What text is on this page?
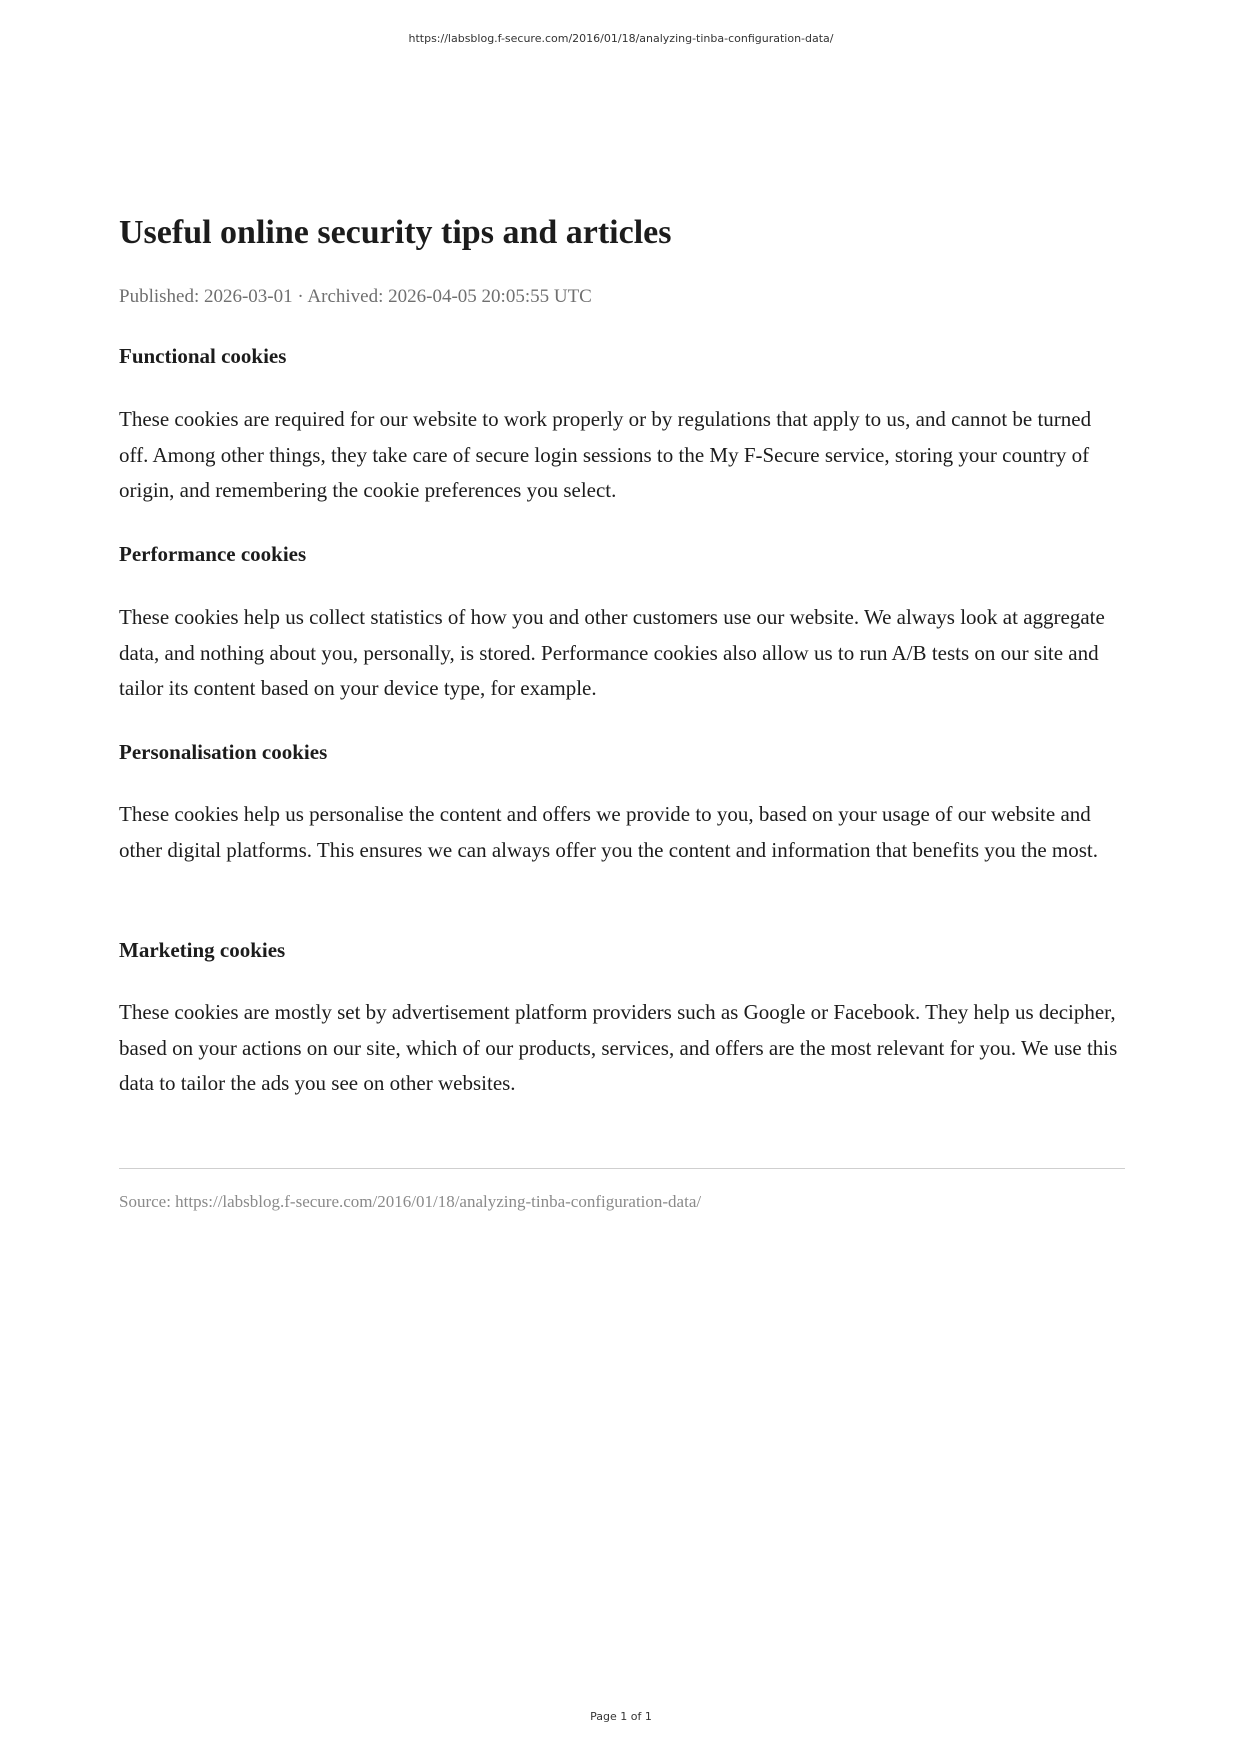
https://labsblog.f-secure.com/2016/01/18/analyzing-tinba-configuration-data/
Useful online security tips and articles
Published: 2026-03-01 · Archived: 2026-04-05 20:05:55 UTC
Functional cookies

These cookies are required for our website to work properly or by regulations that apply to us, and cannot be turned off. Among other things, they take care of secure login sessions to the My F-Secure service, storing your country of origin, and remembering the cookie preferences you select.

Performance cookies

These cookies help us collect statistics of how you and other customers use our website. We always look at aggregate data, and nothing about you, personally, is stored. Performance cookies also allow us to run A/B tests on our site and tailor its content based on your device type, for example.

Personalisation cookies

These cookies help us personalise the content and offers we provide to you, based on your usage of our website and other digital platforms. This ensures we can always offer you the content and information that benefits you the most.

Marketing cookies

These cookies are mostly set by advertisement platform providers such as Google or Facebook. They help us decipher, based on your actions on our site, which of our products, services, and offers are the most relevant for you. We use this data to tailor the ads you see on other websites.

Source: https://labsblog.f-secure.com/2016/01/18/analyzing-tinba-configuration-data/
Page 1 of 1
